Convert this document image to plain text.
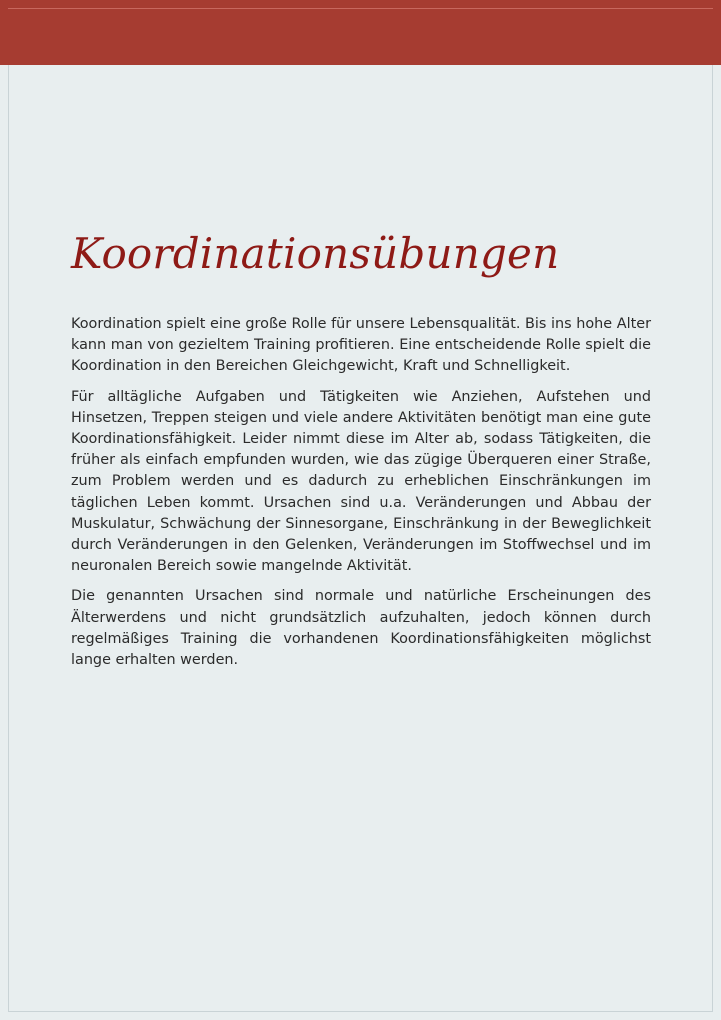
Koordinationsübungen

Koordination spielt eine große Rolle für unsere Lebensqualität. Bis ins hohe Alter kann man von gezieltem Training profitieren. Eine entscheidende Rolle spielt die Koordination in den Bereichen Gleichgewicht, Kraft und Schnelligkeit.

Für alltägliche Aufgaben und Tätigkeiten wie Anziehen, Aufstehen und Hinsetzen, Treppen steigen und viele andere Aktivitäten benötigt man eine gute Koordinationsfähigkeit. Leider nimmt diese im Alter ab, sodass Tätigkeiten, die früher als einfach empfunden wurden, wie das zügige Überqueren einer Straße, zum Problem werden und es dadurch zu erheblichen Einschränkungen im täglichen Leben kommt. Ursachen sind u.a. Veränderungen und Abbau der Muskulatur, Schwächung der Sinnesorgane, Einschränkung in der Beweglichkeit durch Veränderungen in den Gelenken, Veränderungen im Stoffwechsel und im neuronalen Bereich sowie mangelnde Aktivität.

Die genannten Ursachen sind normale und natürliche Erscheinungen des Älterwerdens und nicht grundsätzlich aufzuhalten, jedoch können durch regelmäßiges Training die vorhandenen Koordinationsfähigkeiten möglichst lange erhalten werden.
